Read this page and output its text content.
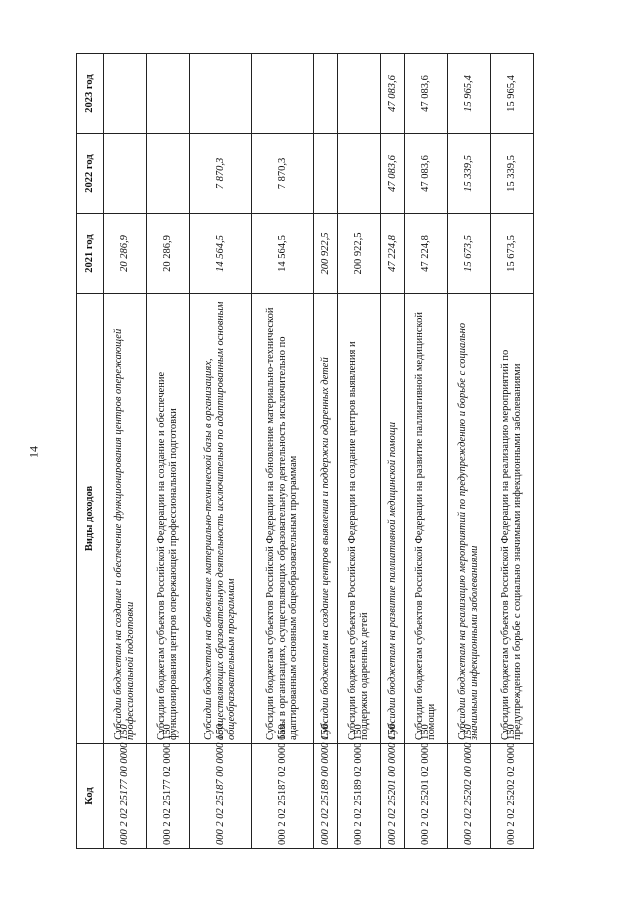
14
Код	Виды доходов	2021 год	2022 год	2023 год
000 2 02 25177 00 0000 150	Субсидии бюджетам на создание и обеспечение функционирования центров опережающей профессиональной подготовки	20 286,9		
000 2 02 25177 02 0000 150	Субсидии бюджетам субъектов Российской Федерации на создание и обеспечение функционирования центров опережающей профессиональной подготовки	20 286,9		
000 2 02 25187 00 0000 150	Субсидии бюджетам на обновление материально-технической базы в организациях, осуществляющих образовательную деятельность исключительно по адаптированным основным общеобразовательным программам	14 564,5	7 870,3	
000 2 02 25187 02 0000 150	Субсидии бюджетам субъектов Российской Федерации на обновление материально-технической базы в организациях, осуществляющих образовательную деятельность исключительно по адаптированным основным общеобразовательным программам	14 564,5	7 870,3	
000 2 02 25189 00 0000 150	Субсидии бюджетам на создание центров выявления и поддержки одаренных детей	200 922,5		
000 2 02 25189 02 0000 150	Субсидии бюджетам субъектов Российской Федерации на создание центров выявления и поддержки одаренных детей	200 922,5		
000 2 02 25201 00 0000 150	Субсидии бюджетам на развитие паллиативной медицинской помощи	47 224,8	47 083,6	47 083,6
000 2 02 25201 02 0000 150	Субсидии бюджетам субъектов Российской Федерации на развитие паллиативной медицинской помощи	47 224,8	47 083,6	47 083,6
000 2 02 25202 00 0000 150	Субсидии бюджетам на реализацию мероприятий по предупреждению и борьбе с социально значимыми инфекционными заболеваниями	15 673,5	15 339,5	15 965,4
000 2 02 25202 02 0000 150	Субсидии бюджетам субъектов Российской Федерации на реализацию мероприятий по предупреждению и борьбе с социально значимыми инфекционными заболеваниями	15 673,5	15 339,5	15 965,4
